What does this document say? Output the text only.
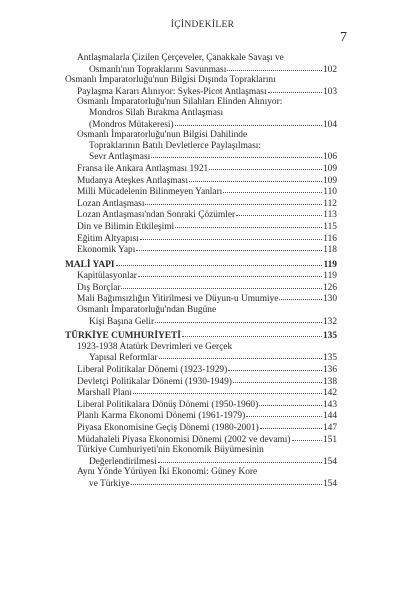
İÇİNDEKİLER
7
Antlaşmalarla Çizilen Çerçeveler, Çanakkale Savaşı ve
Osmanlı'nın Topraklarını Savunması	102
Osmanlı İmparatorluğu'nun Bilgisi Dışında Topraklarını
Paylaşma Kararı Alınıyor: Sykes-Picot Antlaşması	103
Osmanlı İmparatorluğu'nun Silahları Elinden Alınıyor:
Mondros Silah Bırakma Antlaşması
(Mondros Mütakeresi)	104
Osmanlı İmparatorluğu'nun Bilgisi Dahilinde
Topraklarının Batılı Devletlerce Paylaşılması:
Sevr Antlaşması	106
Fransa ile Ankara Antlaşması 1921	109
Mudanya Ateşkes Antlaşması	109
Milli Mücadelenin Bilinmeyen Yanları	110
Lozan Antlaşması	112
Lozan Antlaşması'ndan Sonraki Çözümler	113
Din ve Bilimin Etkileşimi	115
Eğitim Altyapısı	116
Ekonomik Yapı	118
MALİ YAPI	119
Kapitülasyonlar	119
Dış Borçlar	126
Mali Bağımsızlığın Yitirilmesi ve Düyun-u Umumiye	130
Osmanlı İmparatorluğu'ndan Bugüne
Kişi Başına Gelir	132
TÜRKİYE CUMHURİYETİ	135
1923-1938 Atatürk Devrimleri ve Gerçek
Yapısal Reformlar	135
Liberal Politikalar Dönemi (1923-1929)	136
Devletçi Politikalar Dönemi (1930-1949)	138
Marshall Planı	142
Liberal Politikalara Dönüş Dönemi (1950-1960)	143
Planlı Karma Ekonomi Dönemi (1961-1979)	144
Piyasa Ekonomisine Geçiş Dönemi (1980-2001)	147
Müdahaleli Piyasa Ekonomisi Dönemi (2002 ve devamı)	151
Türkiye Cumhuriyeti'nin Ekonomik Büyümesinin
Değerlendirilmesi	154
Aynı Yönde Yürüyen İki Ekonomi: Güney Kore
ve Türkiye	154
